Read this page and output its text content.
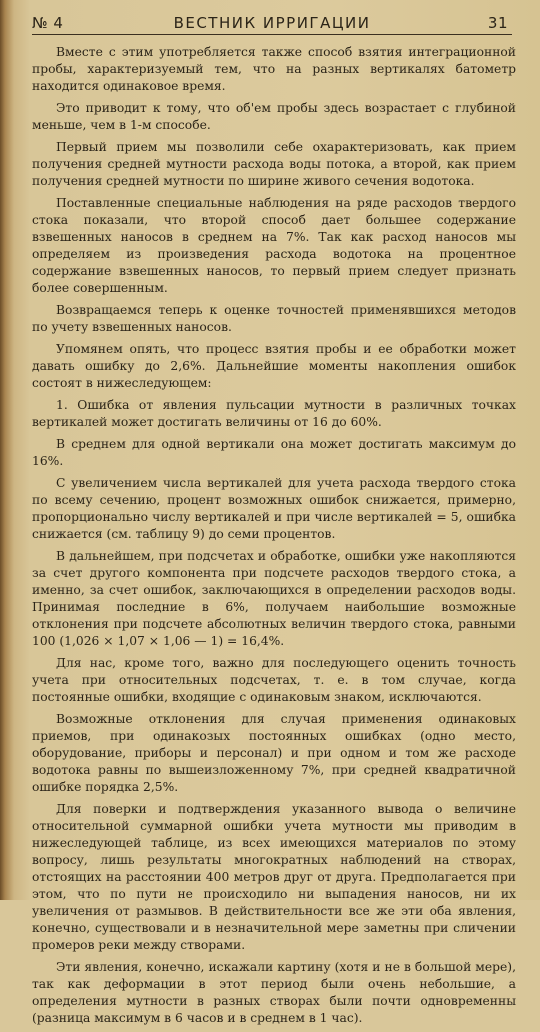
№ 4	ВЕСТНИК ИРРИГАЦИИ	31

Вместе с этим употребляется также способ взятия интеграционной пробы, характеризуемый тем, что на разных вертикалях батометр находится одинаковое время.

Это приводит к тому, что об'ем пробы здесь возрастает с глубиной меньше, чем в 1-м способе.

Первый прием мы позволили себе охарактеризовать, как прием получения средней мутности расхода воды потока, а второй, как прием получения средней мутности по ширине живого сечения водотока.

Поставленные специальные наблюдения на ряде расходов твердого стока показали, что второй способ дает большее содержание взвешенных наносов в среднем на 7%. Так как расход наносов мы определяем из произведения расхода водотока на процентное содержание взвешенных наносов, то первый прием следует признать более совершенным.

Возвращаемся теперь к оценке точностей применявшихся методов по учету взвешенных наносов.

Упомянем опять, что процесс взятия пробы и ее обработки может давать ошибку до 2,6%. Дальнейшие моменты накопления ошибок состоят в нижеследующем:

1. Ошибка от явления пульсации мутности в различных точках вертикалей может достигать величины от 16 до 60%.

В среднем для одной вертикали она может достигать максимум до 16%.

С увеличением числа вертикалей для учета расхода твердого стока по всему сечению, процент возможных ошибок снижается, примерно, пропорционально числу вертикалей и при числе вертикалей = 5, ошибка снижается (см. таблицу 9) до семи процентов.

В дальнейшем, при подсчетах и обработке, ошибки уже накопляются за счет другого компонента при подсчете расходов твердого стока, а именно, за счет ошибок, заключающихся в определении расходов воды. Принимая последние в 6%, получаем наибольшие возможные отклонения при подсчете абсолютных величин твердого стока, равными 100 (1,026 × 1,07 × 1,06 — 1) = 16,4%.

Для нас, кроме того, важно для последующего оценить точность учета при относительных подсчетах, т. е. в том случае, когда постоянные ошибки, входящие с одинаковым знаком, исключаются.

Возможные отклонения для случая применения одинаковых приемов, при одинакозых постоянных ошибках (одно место, оборудование, приборы и персонал) и при одном и том же расходе водотока равны по вышеизложенному 7%, при средней квадратичной ошибке порядка 2,5%.

Для поверки и подтверждения указанного вывода о величине относительной суммарной ошибки учета мутности мы приводим в нижеследующей таблице, из всех имеющихся материалов по этому вопросу, лишь результаты многократных наблюдений на створах, отстоящих на расстоянии 400 метров друг от друга. Предполагается при этом, что по пути не происходило ни выпадения наносов, ни их увеличения от размывов. В действительности все же эти оба явления, конечно, существовали и в незначительной мере заметны при сличении промеров реки между створами.

Эти явления, конечно, искажали картину (хотя и не в большой мере), так как деформации в этот период были очень небольшие, а определения мутности в разных створах были почти одновременны (разница максимум в 6 часов и в среднем в 1 час).
